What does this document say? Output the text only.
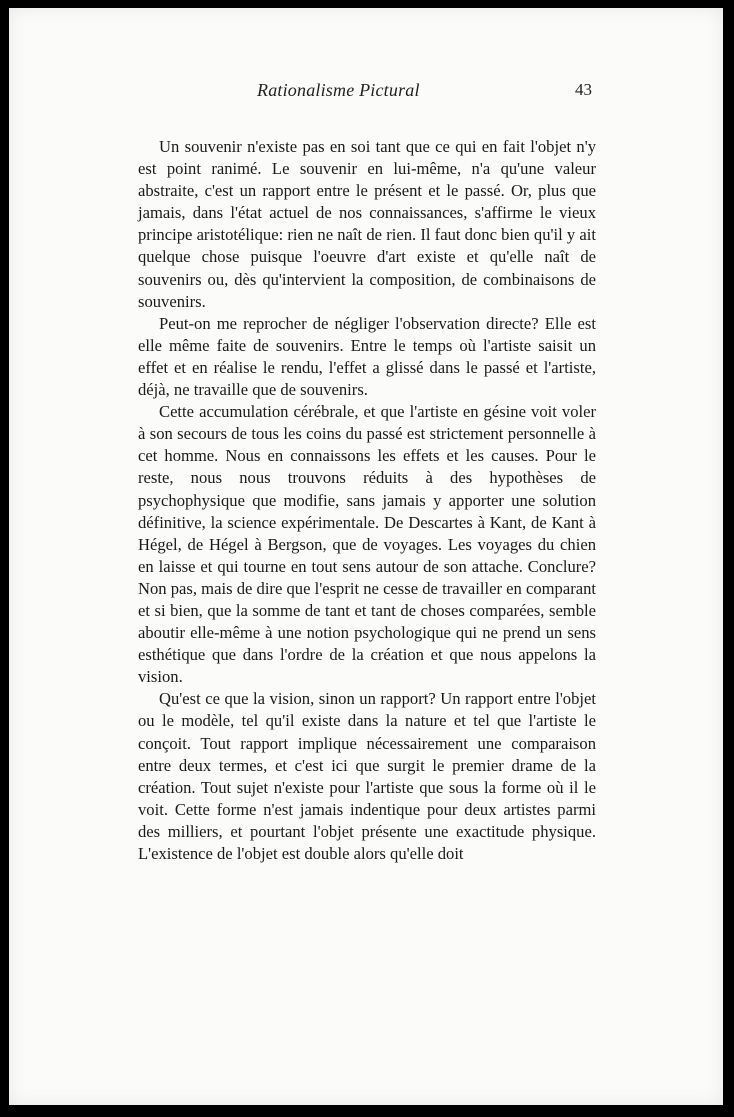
Rationalisme Pictural	43

Un souvenir n'existe pas en soi tant que ce qui en fait l'objet n'y est point ranimé. Le souvenir en lui-même, n'a qu'une valeur abstraite, c'est un rapport entre le présent et le passé. Or, plus que jamais, dans l'état actuel de nos connaissances, s'affirme le vieux principe aristotélique: rien ne naît de rien. Il faut donc bien qu'il y ait quelque chose puisque l'oeuvre d'art existe et qu'elle naît de souvenirs ou, dès qu'intervient la composition, de combinaisons de souvenirs.

Peut-on me reprocher de négliger l'observation directe? Elle est elle même faite de souvenirs. Entre le temps où l'artiste saisit un effet et en réalise le rendu, l'effet a glissé dans le passé et l'artiste, déjà, ne travaille que de souvenirs.

Cette accumulation cérébrale, et que l'artiste en gésine voit voler à son secours de tous les coins du passé est strictement personnelle à cet homme. Nous en connaissons les effets et les causes. Pour le reste, nous nous trouvons réduits à des hypothèses de psychophysique que modifie, sans jamais y apporter une solution définitive, la science expérimentale. De Descartes à Kant, de Kant à Hégel, de Hégel à Bergson, que de voyages. Les voyages du chien en laisse et qui tourne en tout sens autour de son attache. Conclure? Non pas, mais de dire que l'esprit ne cesse de travailler en comparant et si bien, que la somme de tant et tant de choses comparées, semble aboutir elle-même à une notion psychologique qui ne prend un sens esthétique que dans l'ordre de la création et que nous appelons la vision.

Qu'est ce que la vision, sinon un rapport? Un rapport entre l'objet ou le modèle, tel qu'il existe dans la nature et tel que l'artiste le conçoit. Tout rapport implique nécessairement une comparaison entre deux termes, et c'est ici que surgit le premier drame de la création. Tout sujet n'existe pour l'artiste que sous la forme où il le voit. Cette forme n'est jamais indentique pour deux artistes parmi des milliers, et pourtant l'objet présente une exactitude physique. L'existence de l'objet est double alors qu'elle doit
